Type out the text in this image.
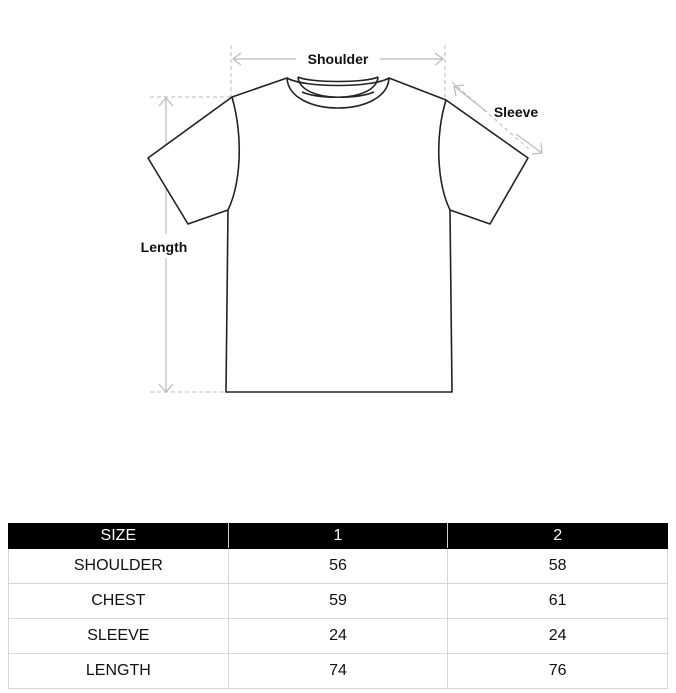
Shoulder
Length
Sleeve
SIZE	1	2
SHOULDER	56	58
CHEST	59	61
SLEEVE	24	24
LENGTH	74	76
